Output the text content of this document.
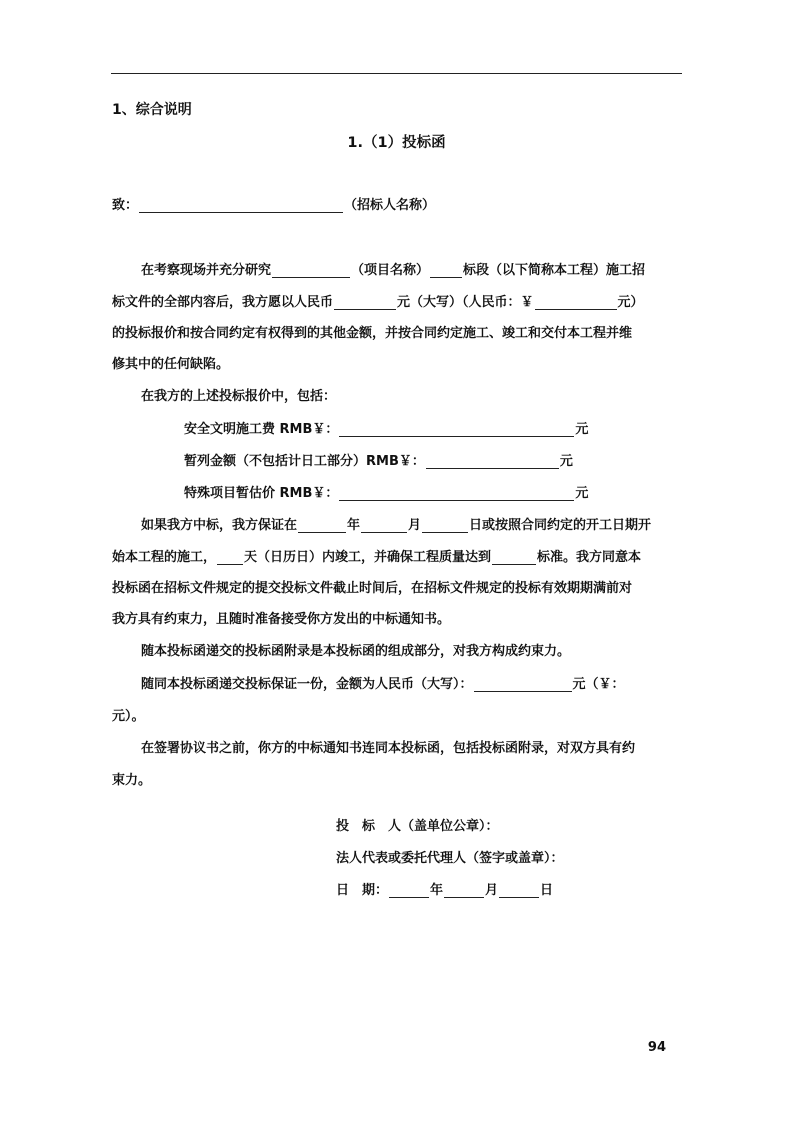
1、综合说明
1.（1）投标函
致：	（招标人名称）
在考察现场并充分研究	（项目名称）	标段（以下简称本工程）施工招
标文件的全部内容后，我方愿以人民币	元（大写）（人民币：￥	元）
的投标报价和按合同约定有权得到的其他金额，并按合同约定施工、竣工和交付本工程并维
修其中的任何缺陷。
在我方的上述投标报价中，包括：
安全文明施工费 RMB￥：	元
暂列金额（不包括计日工部分）RMB￥：	元
特殊项目暂估价 RMB￥：	元
如果我方中标，我方保证在	年	月	日或按照合同约定的开工日期开
始本工程的施工， 天（日历日）内竣工，并确保工程质量达到	标准。我方同意本
投标函在招标文件规定的提交投标文件截止时间后，在招标文件规定的投标有效期期满前对
我方具有约束力，且随时准备接受你方发出的中标通知书。
随本投标函递交的投标函附录是本投标函的组成部分，对我方构成约束力。
随同本投标函递交投标保证一份，金额为人民币（大写）：	元（￥：
元）。
在签署协议书之前，你方的中标通知书连同本投标函，包括投标函附录，对双方具有约
束力。
投　标　人（盖单位公章）：
法人代表或委托代理人（签字或盖章）：
日　期：	年	月	日
94
